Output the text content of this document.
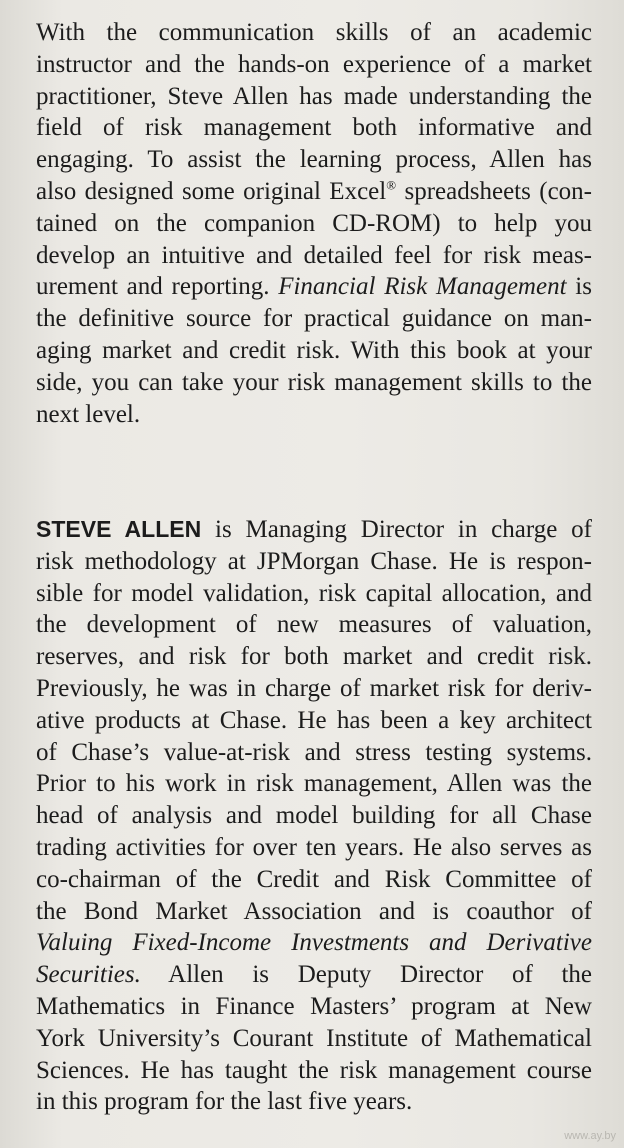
With the communication skills of an academic
instructor and the hands-on experience of a market
practitioner, Steve Allen has made understanding the
field of risk management both informative and
engaging. To assist the learning process, Allen has
also designed some original Excel® spreadsheets (con-
tained on the companion CD-ROM) to help you
develop an intuitive and detailed feel for risk meas-
urement and reporting. Financial Risk Management is
the definitive source for practical guidance on man-
aging market and credit risk. With this book at your
side, you can take your risk management skills to the
next level.
STEVE ALLEN is Managing Director in charge of
risk methodology at JPMorgan Chase. He is respon-
sible for model validation, risk capital allocation, and
the development of new measures of valuation,
reserves, and risk for both market and credit risk.
Previously, he was in charge of market risk for deriv-
ative products at Chase. He has been a key architect
of Chase’s value-at-risk and stress testing systems.
Prior to his work in risk management, Allen was the
head of analysis and model building for all Chase
trading activities for over ten years. He also serves as
co-chairman of the Credit and Risk Committee of
the Bond Market Association and is coauthor of
Valuing Fixed-Income Investments and Derivative
Securities. Allen is Deputy Director of the
Mathematics in Finance Masters’ program at New
York University’s Courant Institute of Mathematical
Sciences. He has taught the risk management course
in this program for the last five years.
www.ay.by
